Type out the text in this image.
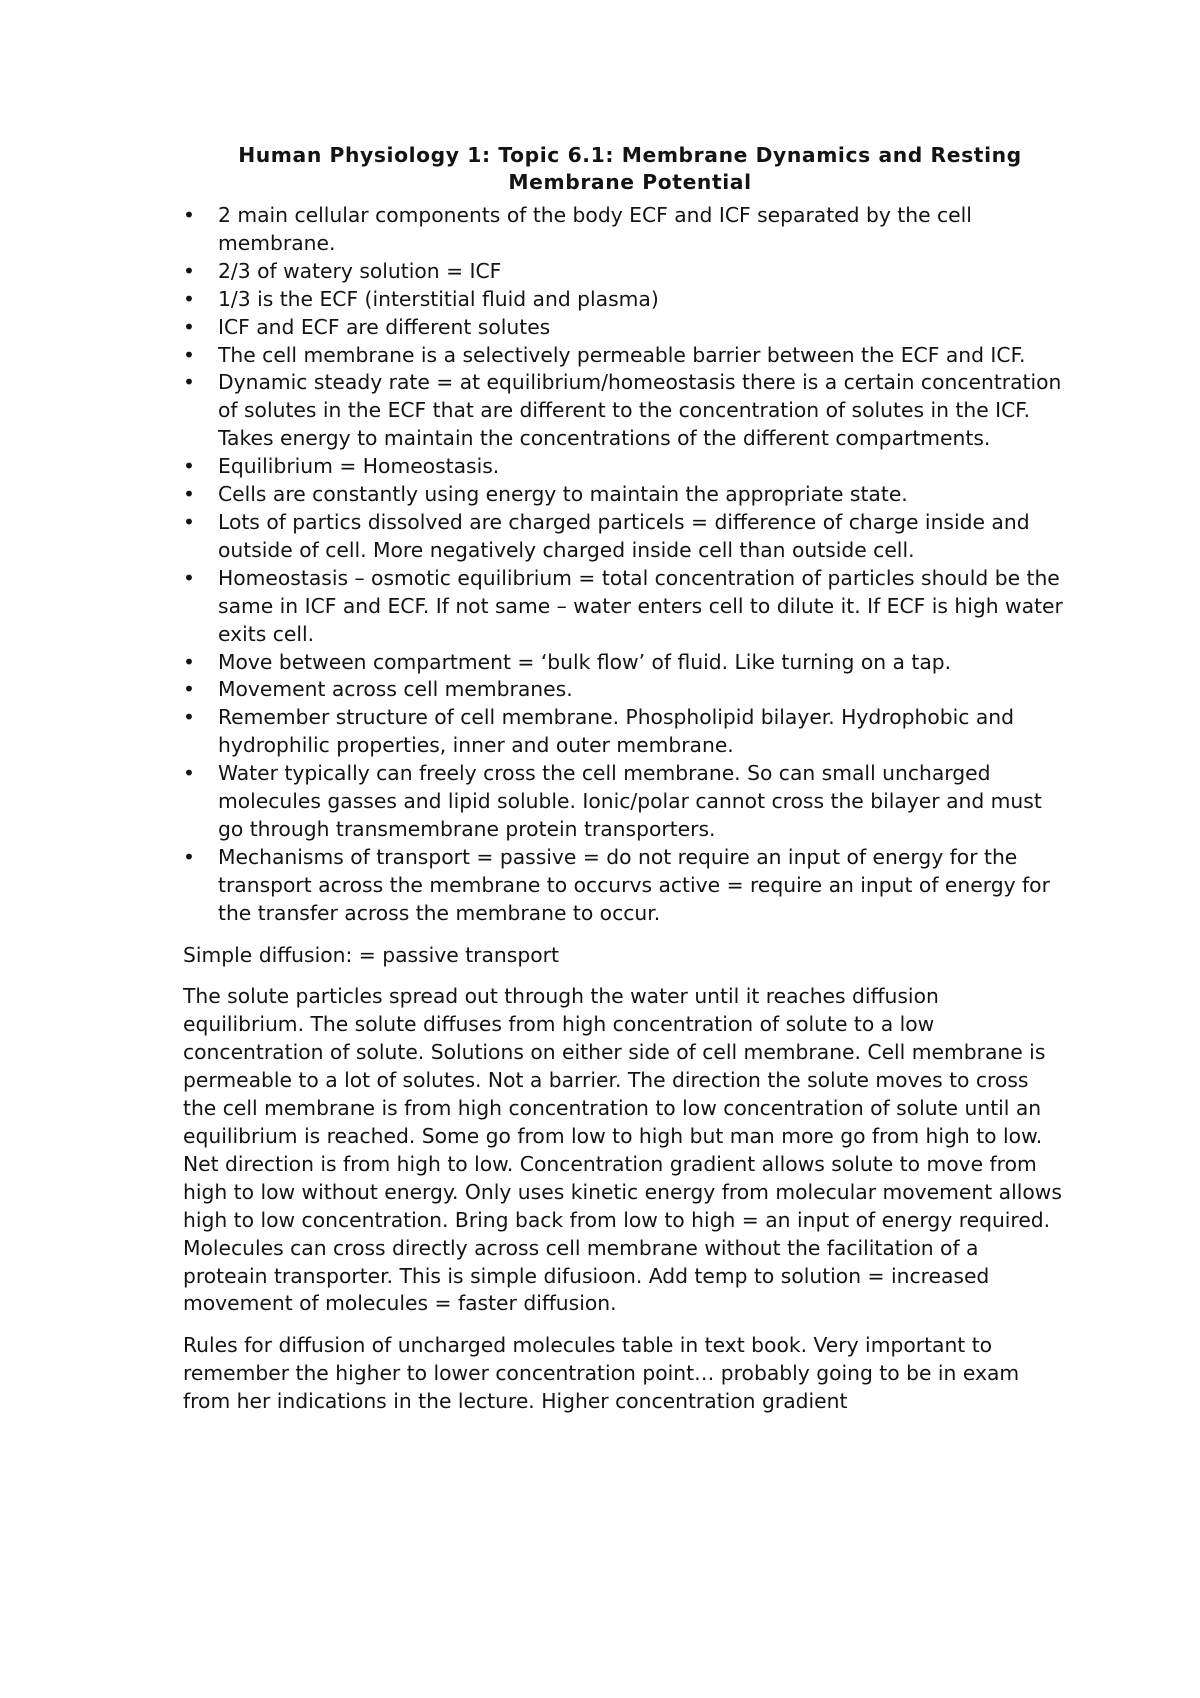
Human Physiology 1: Topic 6.1: Membrane Dynamics and Resting Membrane Potential
• 2 main cellular components of the body ECF and ICF separated by the cell membrane.
• 2/3 of watery solution = ICF
• 1/3 is the ECF (interstitial fluid and plasma)
• ICF and ECF are different solutes
• The cell membrane is a selectively permeable barrier between the ECF and ICF.
• Dynamic steady rate = at equilibrium/homeostasis there is a certain concentration of solutes in the ECF that are different to the concentration of solutes in the ICF. Takes energy to maintain the concentrations of the different compartments.
• Equilibrium = Homeostasis.
• Cells are constantly using energy to maintain the appropriate state.
• Lots of partics dissolved are charged particels = difference of charge inside and outside of cell. More negatively charged inside cell than outside cell.
• Homeostasis – osmotic equilibrium = total concentration of particles should be the same in ICF and ECF. If not same – water enters cell to dilute it. If ECF is high water exits cell.
• Move between compartment = ‘bulk flow’ of fluid. Like turning on a tap.
• Movement across cell membranes.
• Remember structure of cell membrane. Phospholipid bilayer. Hydrophobic and hydrophilic properties, inner and outer membrane.
• Water typically can freely cross the cell membrane. So can small uncharged molecules gasses and lipid soluble. Ionic/polar cannot cross the bilayer and must go through transmembrane protein transporters.
• Mechanisms of transport = passive = do not require an input of energy for the transport across the membrane to occurvs active = require an input of energy for the transfer across the membrane to occur.

Simple diffusion: = passive transport

The solute particles spread out through the water until it reaches diffusion equilibrium. The solute diffuses from high concentration of solute to a low concentration of solute. Solutions on either side of cell membrane. Cell membrane is permeable to a lot of solutes. Not a barrier. The direction the solute moves to cross the cell membrane is from high concentration to low concentration of solute until an equilibrium is reached. Some go from low to high but man more go from high to low. Net direction is from high to low. Concentration gradient allows solute to move from high to low without energy. Only uses kinetic energy from molecular movement allows high to low concentration. Bring back from low to high = an input of energy required. Molecules can cross directly across cell membrane without the facilitation of a proteain transporter. This is simple difusioon. Add temp to solution = increased movement of molecules = faster diffusion.

Rules for diffusion of uncharged molecules table in text book. Very important to remember the higher to lower concentration point… probably going to be in exam from her indications in the lecture. Higher concentration gradient
